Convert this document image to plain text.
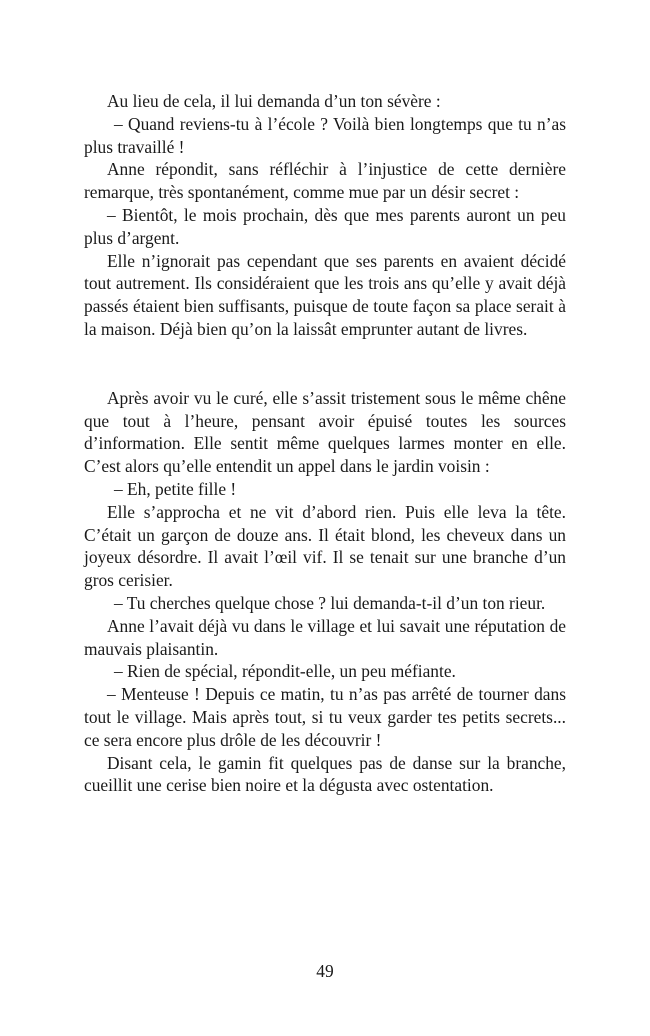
Au lieu de cela, il lui demanda d’un ton sévère :

– Quand reviens-tu à l’école ? Voilà bien longtemps que tu n’as plus travaillé !

Anne répondit, sans réfléchir à l’injustice de cette dernière remarque, très spontanément, comme mue par un désir secret :

– Bientôt, le mois prochain, dès que mes parents auront un peu plus d’argent.

Elle n’ignorait pas cependant que ses parents en avaient décidé tout autrement. Ils considéraient que les trois ans qu’elle y avait déjà passés étaient bien suffisants, puisque de toute façon sa place serait à la maison. Déjà bien qu’on la laissât emprunter autant de livres.

Après avoir vu le curé, elle s’assit tristement sous le même chêne que tout à l’heure, pensant avoir épuisé toutes les sources d’information. Elle sentit même quelques larmes monter en elle. C’est alors qu’elle entendit un appel dans le jardin voisin :

– Eh, petite fille !

Elle s’approcha et ne vit d’abord rien. Puis elle leva la tête. C’était un garçon de douze ans. Il était blond, les cheveux dans un joyeux désordre. Il avait l’œil vif. Il se tenait sur une branche d’un gros cerisier.

– Tu cherches quelque chose ? lui demanda-t-il d’un ton rieur.

Anne l’avait déjà vu dans le village et lui savait une réputation de mauvais plaisantin.

– Rien de spécial, répondit-elle, un peu méfiante.

– Menteuse ! Depuis ce matin, tu n’as pas arrêté de tourner dans tout le village. Mais après tout, si tu veux garder tes petits secrets... ce sera encore plus drôle de les découvrir !

Disant cela, le gamin fit quelques pas de danse sur la branche, cueillit une cerise bien noire et la dégusta avec ostentation.

49
